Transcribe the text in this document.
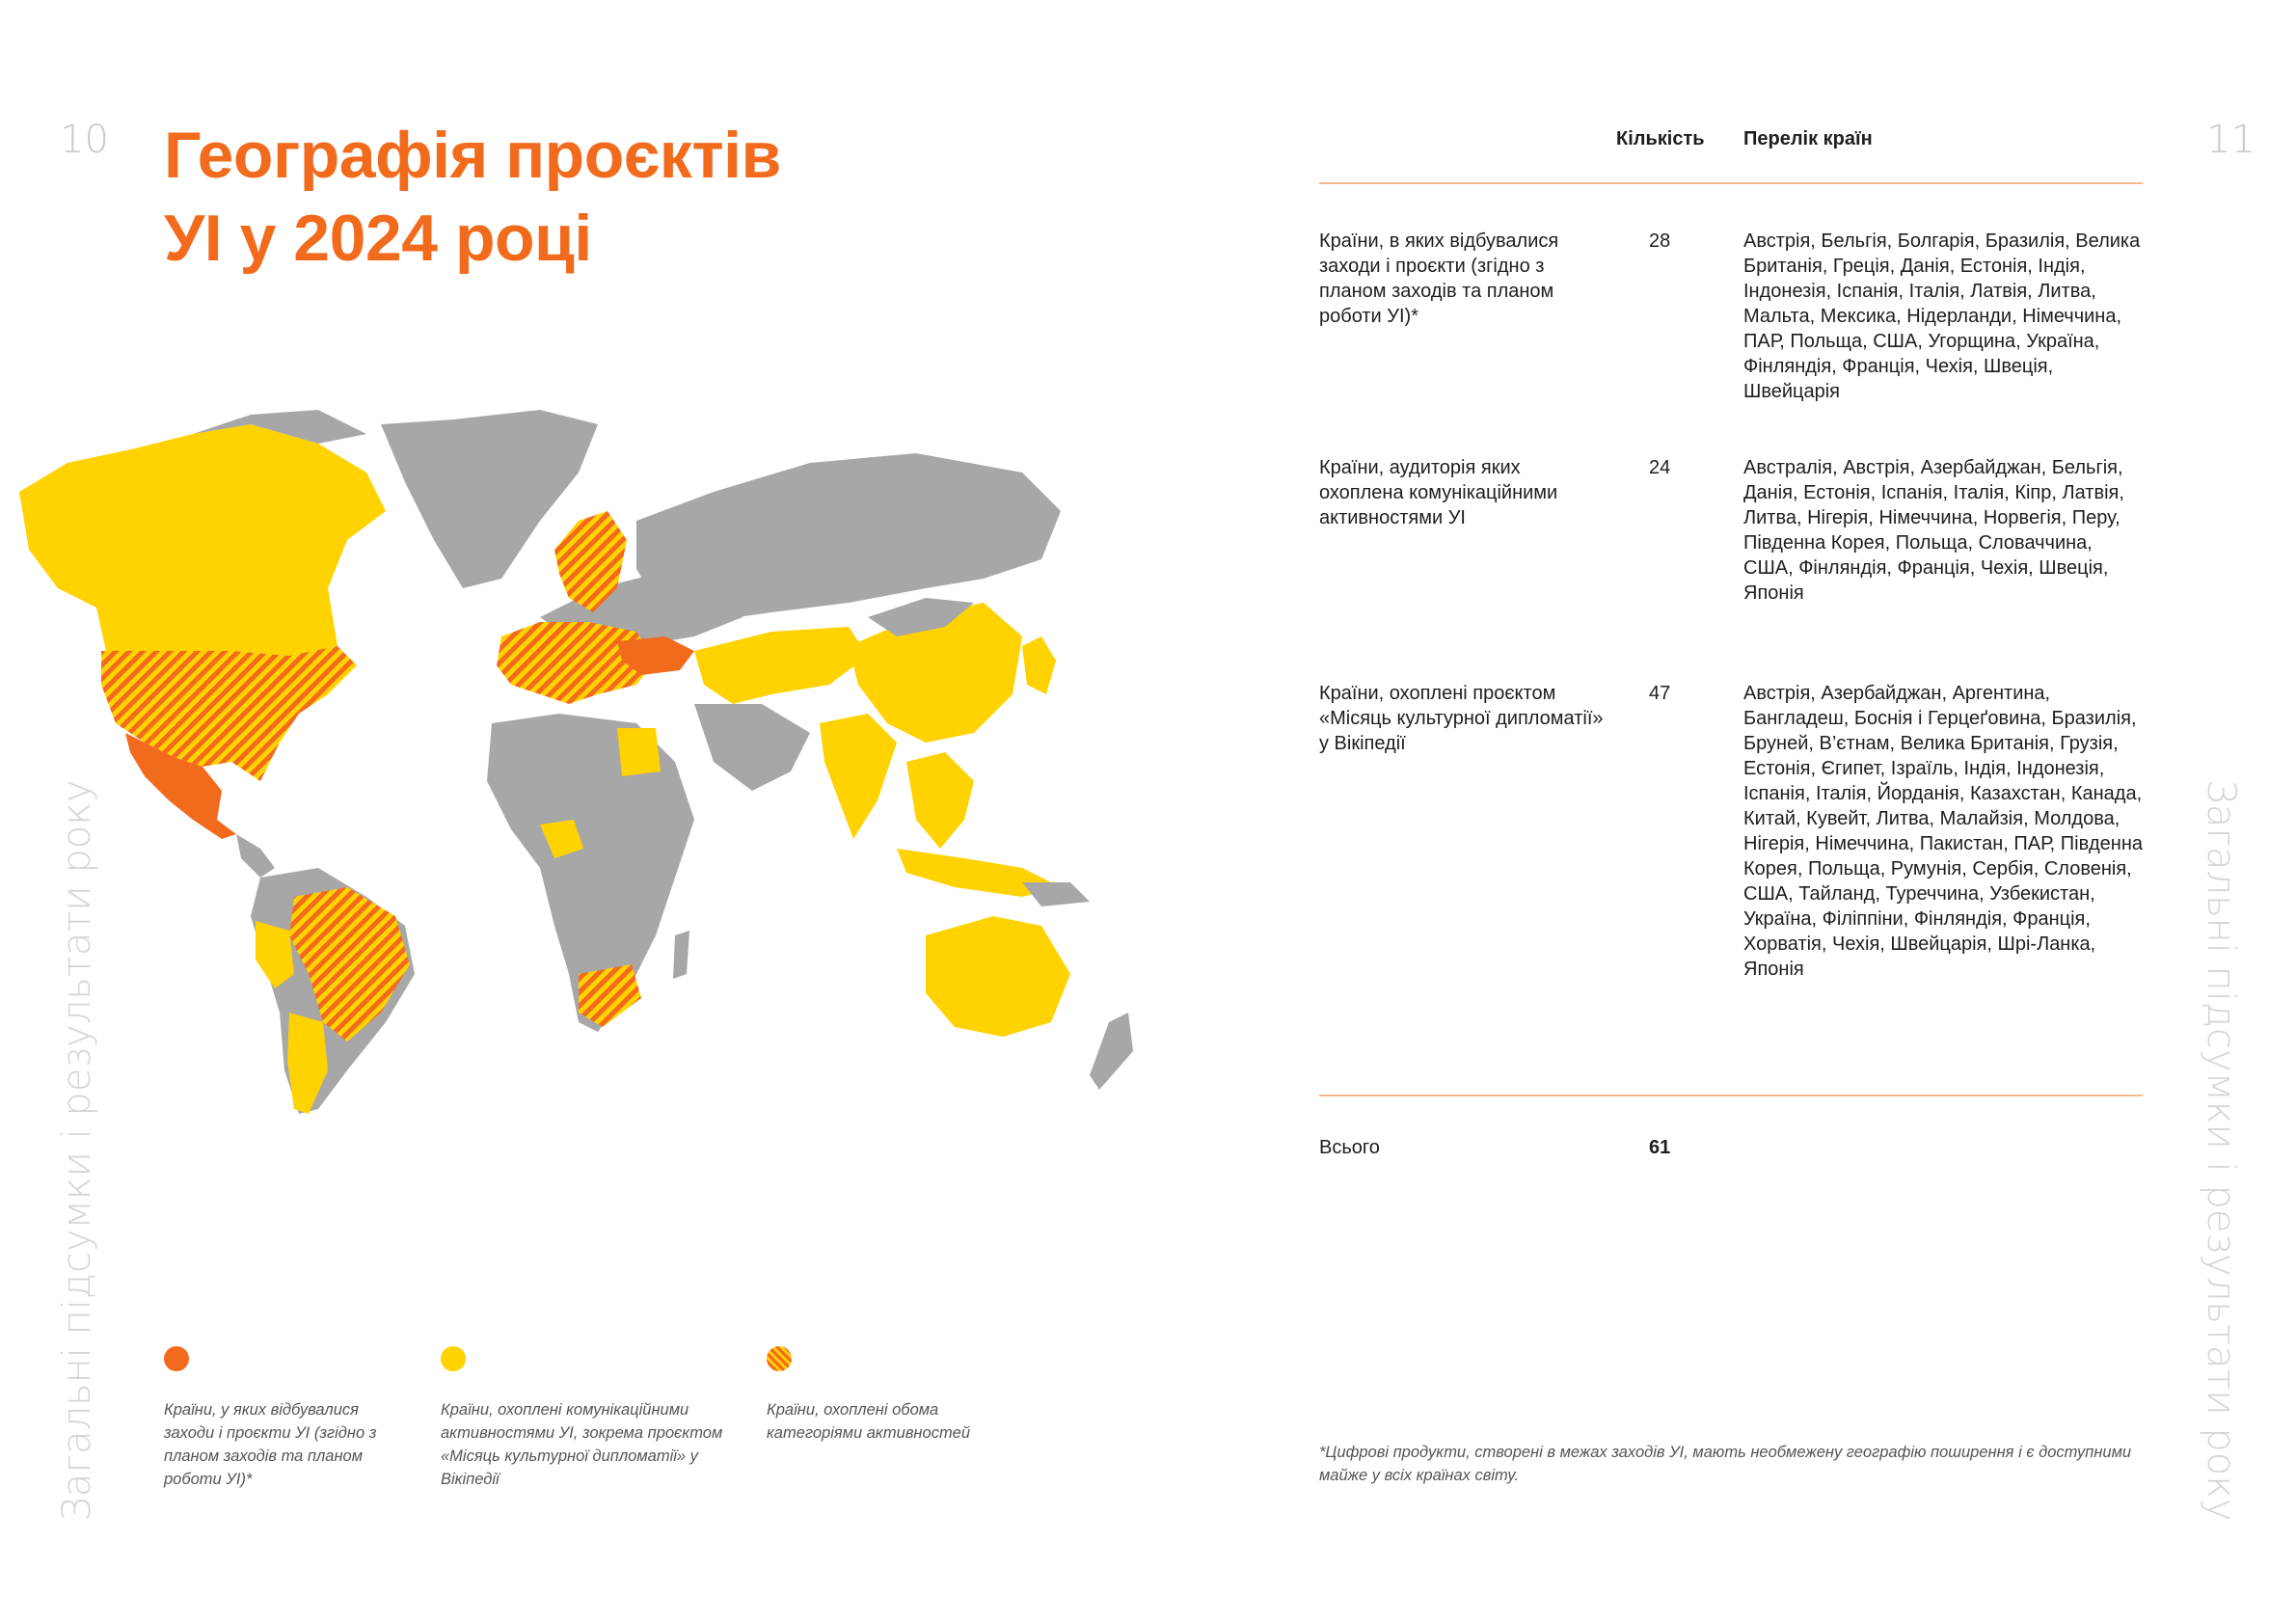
10	11
Географія проєктів
УІ у 2024 році
Загальні підсумки і результати року	Загальні підсумки і результати року
Країни, у яких відбувалися заходи і проєкти УІ (згідно з планом заходів та планом роботи УІ)*
Країни, охоплені комунікаційними активностями УІ, зокрема проєктом «Місяць культурної дипломатії» у Вікіпедії
Країни, охоплені обома категоріями активностей
Кількість Перелік країн
Країни, в яких відбувалися заходи і проєкти (згідно з планом заходів та планом роботи УІ)*
28	Австрія, Бельгія, Болгарія, Бразилія, Велика Британія, Греція, Данія, Естонія, Індія, Індонезія, Іспанія, Італія, Латвія, Литва, Мальта, Мексика, Нідерланди, Німеччина, ПАР, Польща, США, Угорщина, Україна, Фінляндія, Франція, Чехія, Швеція, Швейцарія
Країни, аудиторія яких охоплена комунікаційними активностями УІ
24	Австралія, Австрія, Азербайджан, Бельгія, Данія, Естонія, Іспанія, Італія, Кіпр, Латвія, Литва, Нігерія, Німеччина, Норвегія, Перу, Південна Корея, Польща, Словаччина, США, Фінляндія, Франція, Чехія, Швеція, Японія
Країни, охоплені проєктом «Місяць культурної дипломатії» у Вікіпедії
47	Австрія, Азербайджан, Аргентина, Бангладеш, Боснія і Герцеґовина, Бразилія, Бруней, В’єтнам, Велика Британія, Грузія, Естонія, Єгипет, Ізраїль, Індія, Індонезія, Іспанія, Італія, Йорданія, Казахстан, Канада, Китай, Кувейт, Литва, Малайзія, Молдова, Нігерія, Німеччина, Пакистан, ПАР, Південна Корея, Польща, Румунія, Сербія, Словенія, США, Тайланд, Туреччина, Узбекистан, Україна, Філіппіни, Фінляндія, Франція, Хорватія, Чехія, Швейцарія, Шрі-Ланка, Японія
Всього	61
*Цифрові продукти, створені в межах заходів УІ, мають необмежену географію поширення і є доступними майже у всіх країнах світу.
